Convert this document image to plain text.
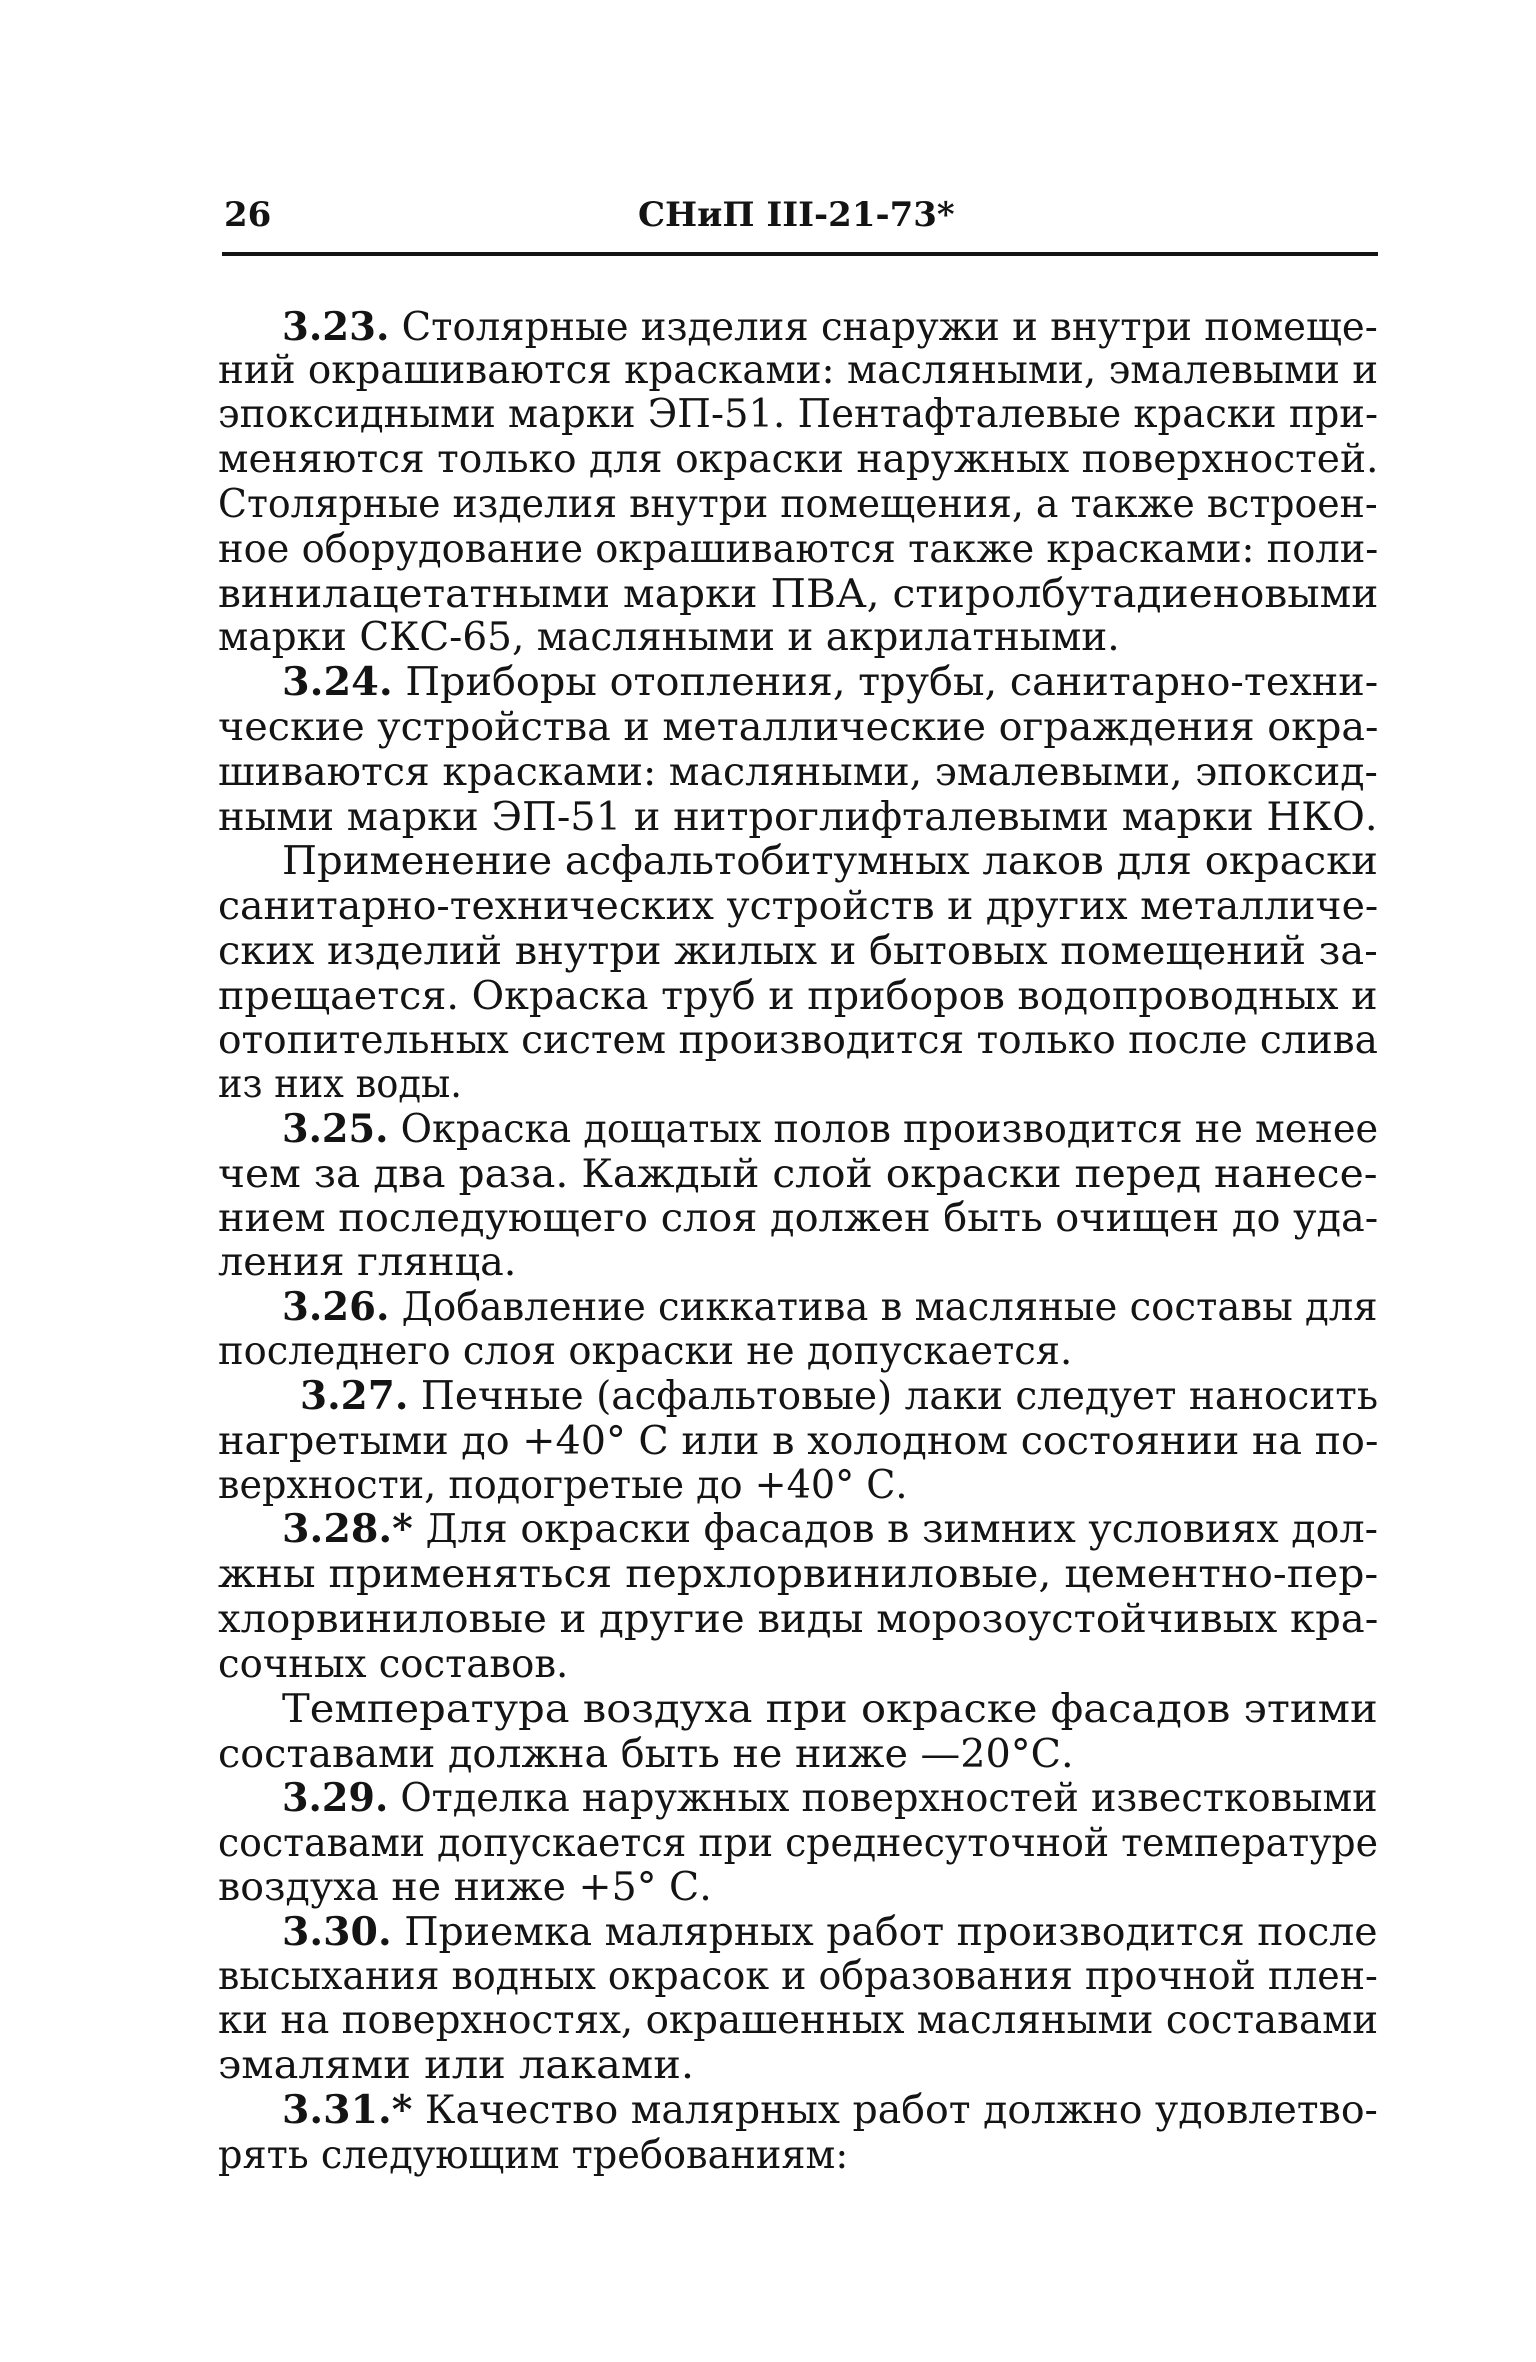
26	СНиП III-21-73*
3.23. Столярные изделия снаружи и внутри помеще-
ний окрашиваются красками: масляными, эмалевыми и
эпоксидными марки ЭП-51. Пентафталевые краски при-
меняются только для окраски наружных поверхностей.
Столярные изделия внутри помещения, а также встроен-
ное оборудование окрашиваются также красками: поли-
винилацетатными марки ПВА, стиролбутадиеновыми
марки СКС-65, масляными и акрилатными.
3.24. Приборы отопления, трубы, санитарно-техни-
ческие устройства и металлические ограждения окра-
шиваются красками: масляными, эмалевыми, эпоксид-
ными марки ЭП-51 и нитроглифталевыми марки НКО.
Применение асфальтобитумных лаков для окраски
санитарно-технических устройств и других металличе-
ских изделий внутри жилых и бытовых помещений за-
прещается. Окраска труб и приборов водопроводных и
отопительных систем производится только после слива
из них воды.
3.25. Окраска дощатых полов производится не менее
чем за два раза. Каждый слой окраски перед нанесе-
нием последующего слоя должен быть очищен до уда-
ления глянца.
3.26. Добавление сиккатива в масляные составы для
последнего слоя окраски не допускается.
3.27. Печные (асфальтовые) лаки следует наносить
нагретыми до +40° С или в холодном состоянии на по-
верхности, подогретые до +40° С.
3.28.* Для окраски фасадов в зимних условиях дол-
жны применяться перхлорвиниловые, цементно-пер-
хлорвиниловые и другие виды морозоустойчивых кра-
сочных составов.
Температура воздуха при окраске фасадов этими
составами должна быть не ниже —20°С.
3.29. Отделка наружных поверхностей известковыми
составами допускается при среднесуточной температуре
воздуха не ниже +5° С.
3.30. Приемка малярных работ производится после
высыхания водных окрасок и образования прочной плен-
ки на поверхностях, окрашенных масляными составами
эмалями или лаками.
3.31.* Качество малярных работ должно удовлетво-
рять следующим требованиям:
